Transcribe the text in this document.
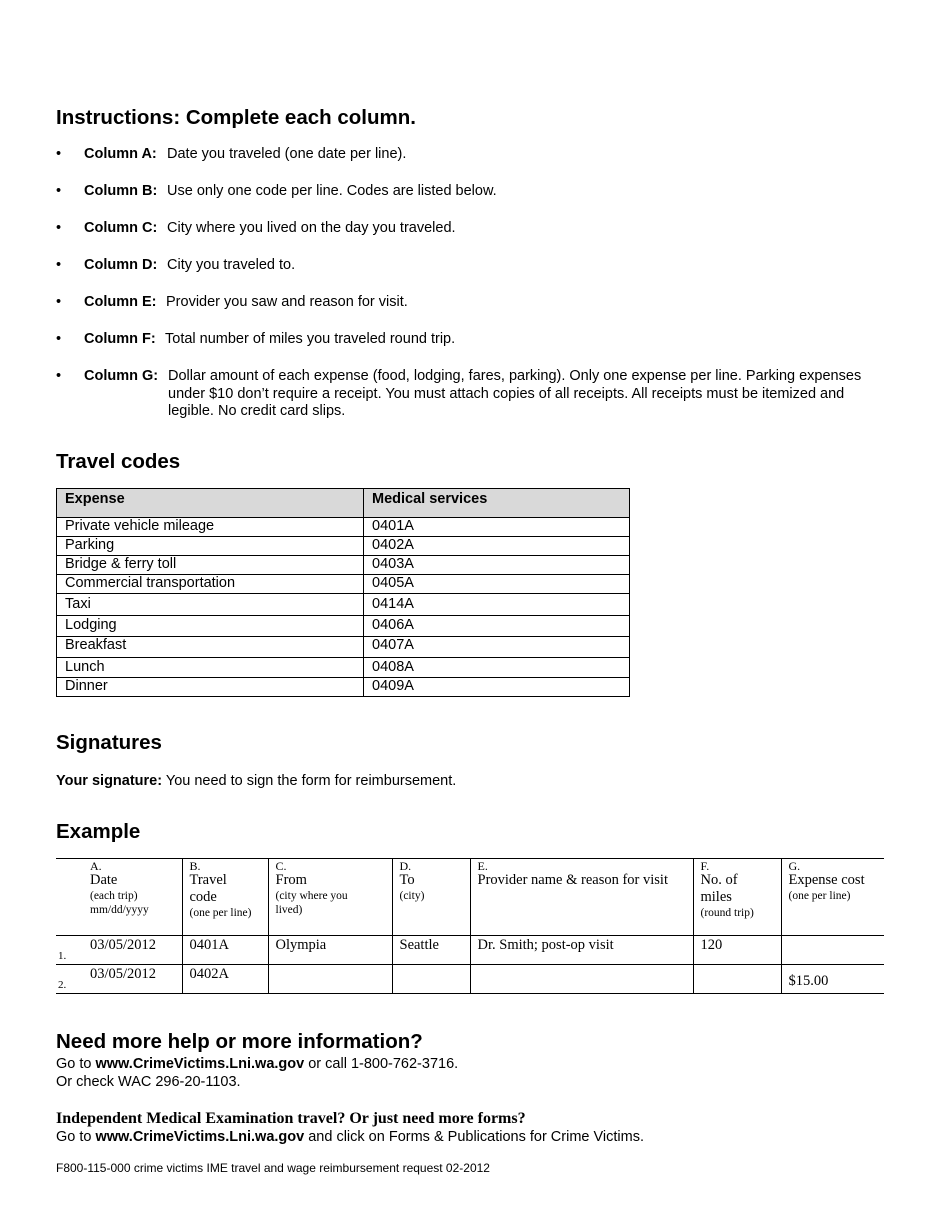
Instructions: Complete each column.
• Column A: Date you traveled (one date per line).
• Column B: Use only one code per line. Codes are listed below.
• Column C: City where you lived on the day you traveled.
• Column D: City you traveled to.
• Column E: Provider you saw and reason for visit.
• Column F: Total number of miles you traveled round trip.
• Column G: Dollar amount of each expense (food, lodging, fares, parking). Only one expense per line. Parking expenses under $10 don’t require a receipt. You must attach copies of all receipts. All receipts must be itemized and legible. No credit card slips.
Travel codes
Expense	Medical services
Private vehicle mileage	0401A
Parking	0402A
Bridge & ferry toll	0403A
Commercial transportation	0405A
Taxi	0414A
Lodging	0406A
Breakfast	0407A
Lunch	0408A
Dinner	0409A
Signatures
Your signature: You need to sign the form for reimbursement.
Example
A.
Date
(each trip)
mm/dd/yyyy	B.
Travel code
(one per line)	C.
From
(city where you lived)	D.
To
(city)	E.
Provider name & reason for visit	F.
No. of miles
(round trip)	G.
Expense cost
(one per line)

1.
03/05/2012	0401A	Olympia	Seattle	Dr. Smith; post-op visit	120	

2.
03/05/2012	0402A					$15.00
Need more help or more information?
Go to www.CrimeVictims.Lni.wa.gov or call 1-800-762-3716.
Or check WAC 296-20-1103.
Independent Medical Examination travel? Or just need more forms?
Go to www.CrimeVictims.Lni.wa.gov and click on Forms & Publications for Crime Victims.
F800-115-000 crime victims IME travel and wage reimbursement request 02-2012
